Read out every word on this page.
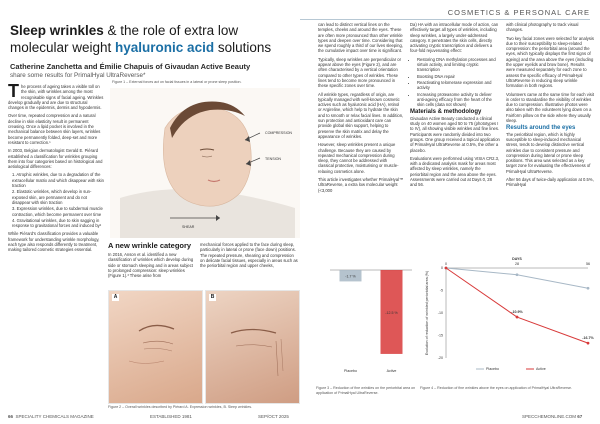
COSMETICS & PERSONAL CARE
Sleep wrinkles & the role of extra low molecular weight hyaluronic acid solutions
Catherine Zanchetta and Émilie Chapuis of Givaudan Active Beauty
share some results for PrimalHyal UltraReverse*

The process of ageing takes a visible toll on the skin, with wrinkles among the most recognisable signs of facial ageing. Wrinkles develop gradually and are due to structural changes in the epidermis, dermis and hypodermis.

Over time, repeated compression and a natural decline in skin elasticity result in permanent creasing. Once a lipid pocket is involved in the mechanical balance between skin layers, wrinkles become permanently folded, deep-set and more resistant to correction.¹

In 2003, Belgian dermatologist Gerald E. Piérard established a classification for wrinkles grouping them into four categories based on histological and aetiological differences:

1. Atrophic wrinkles, due to a degradation of the extracellular matrix and which disappear with skin traction
2. Elastotic wrinkles, which develop in sun-exposed skin, are permanent and do not disappear with skin traction
3. Expression wrinkles, due to subdermal muscle contraction, which become permanent over time
4. Gravitational wrinkles, due to skin sagging in response to gravitational forces and induced by²

While Piérard's classification provides a valuable framework for understanding wrinkle morphology, each type also responds differently to treatment, making tailored cosmetic strategies essential.

Figure 1 – External forces act on facial tissues in a lateral or prone sleep position.
COMPRESSION
TENSION
SHEAR
A new wrinkle category

In 2016, Anson et al. identified a new classification of wrinkles which develop during side or stomach sleeping and in areas subject to prolonged compression: sleep wrinkles (Figure 1).³ These arise from

mechanical forces applied to the face during sleep, particularly in lateral or prone (face down) positions. The repeated pressure, shearing and compression on delicate facial tissues, especially in areas such as the periorbital region and upper cheeks,

A	B
Figure 2 – Overall wrinkles described by Piérard A. Expression wrinkles, B. Sleep wrinkles.

can lead to distinct vertical lines on the temples, cheeks and around the eyes. These are often more pronounced than other wrinkle types and deepen over time. Considering that we spend roughly a third of our lives sleeping, the cumulative impact over time is significant.

Typically, sleep wrinkles are perpendicular or appear above the eyes (Figure 2), and are often characterised by a vertical orientation compared to other types of wrinkles. These lines tend to become more pronounced in these specific zones over time.

All wrinkle types, regardless of origin, are typically managed with well-known cosmetic actives such as hyaluronic acid (HA), retinol or Argireline, which help to hydrate the skin and to smooth or relax facial lines. In addition, sun protection and antioxidant care can provide global skin support, helping to preserve the skin matrix and delay the appearance of wrinkles.

However, sleep wrinkles present a unique challenge. Because they are caused by repeated mechanical compression during sleep, they cannot be addressed with classical protective, moisturising or muscle-relaxing cosmetics alone.

This article investigates whether PrimalHyal™ UltraReverse, a extra low molecular weight (<3,000

Da) HA with an intracellular mode of action, can effectively target all types of wrinkles, including sleep wrinkles, a largely under-addressed category. It penetrates the skin cells, directly activating cryptic transcription and delivers a four-fold rejuvenating effect:

• Restoring DNA methylation processes and sirtuin activity, and limiting cryptic transcription
• Boosting DNA repair
• Reactivating telomerase expression and activity
• Increasing proteasome activity to deliver anti-ageing efficacy from the heart of the skin cells (data not shown)
Materials & methodology

Givaudan Active Beauty conducted a clinical study on 40 women aged 50 to 75 (phototypes I to IV), all showing visible wrinkles and fine lines. Participants were randomly divided into two groups. One group received a topical application of PrimalHyal UltraReverse at 0.5%, the other a placebo.

Evaluations were performed using VISIA CR2.3, with a dedicated analysis mask for areas most affected by sleep wrinkles, namely the periorbital region and the area above the eyes. Assessments were carried out at Days 0, 28 and 56.

with clinical photography to track visual changes.

Two key facial zones were selected for analysis due to their susceptibility to sleep-related compression: the periorbital area (around the eyes, which typically displays the first signs of ageing) and the area above the eyes (including the upper eyelids and brow bone). Results were measured separately for each zone to assess the specific efficacy of PrimalHyal UltraReverse in reducing sleep wrinkle formation in both regions.

Volunteers came at the same time for each visit in order to standardise the visibility of wrinkles due to compression. Illustrative photos were also taken with the volunteers lying down on a Fairform pillow on the side where they usually sleep.

Results around the eyes

The periorbital region, which is highly susceptible to sleep-induced mechanical stress, tends to develop distinctive vertical wrinkles due to consistent pressure and compression during lateral or prone sleep positions. This area was selected as a key target zone for evaluating the effectiveness of PrimalHyal UltraReverse.

After 56 days of twice-daily application at 0.5%, PrimalHyal

-1.7 %
Placebo
-12.5 %
Active
Figure 3 – Reduction of fine wrinkles on the periorbital area on application of PrimalHyal UltraReverse.
0	28	56
0
-5
-10
-15
-20
DAYS
Evolution of reduction of wrinkled periorbital area (%)	-10.9%
-16.7%
Placebo	Active
Figure 4 – Reduction of fine wrinkles above the eyes on application of PrimalHyal UltraReverse.
66 SPECIALITY CHEMICALS MAGAZINE	ESTABLISHED 1981	SEP/OCT 2025	SPECCHEMONLINE.COM 67
